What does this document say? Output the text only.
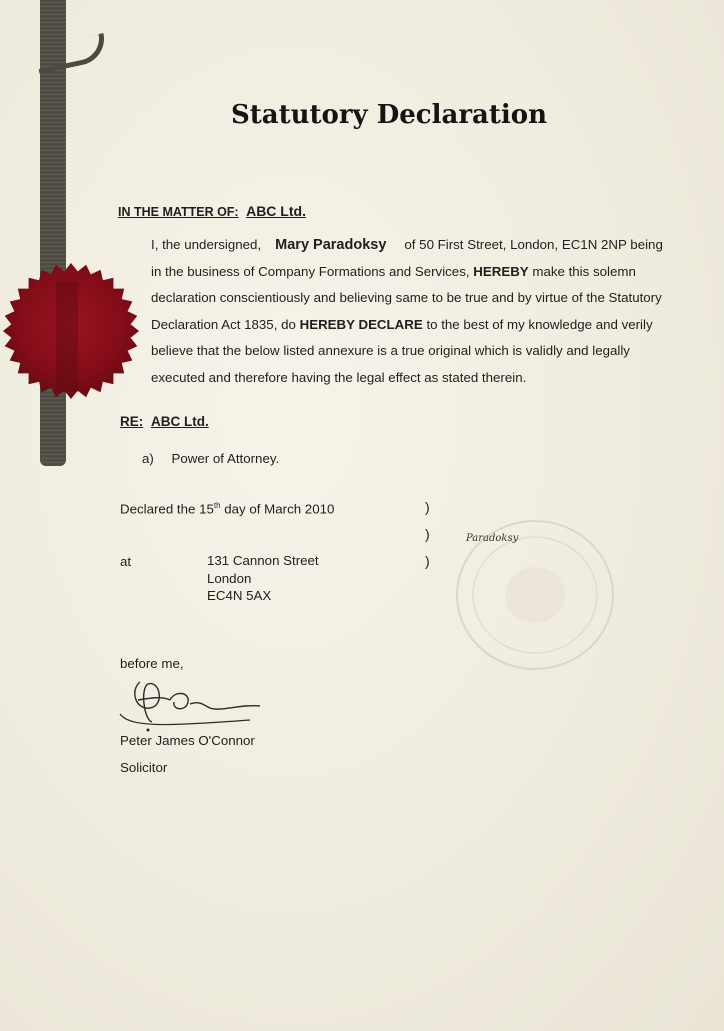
Statutory Declaration
IN THE MATTER OF: ABC Ltd.
I, the undersigned, Mary Paradoksy of 50 First Street, London, EC1N 2NP being in the business of Company Formations and Services, HEREBY make this solemn declaration conscientiously and believing same to be true and by virtue of the Statutory Declaration Act 1835, do HEREBY DECLARE to the best of my knowledge and verily believe that the below listed annexure is a true original which is validly and legally executed and therefore having the legal effect as stated therein.
RE: ABC Ltd.
a) Power of Attorney.
Declared the 15th day of March 2010	)
)
)
Paradoksy
at	131 Cannon Street
London
EC4N 5AX
before me,
Peter James O'Connor
Solicitor
